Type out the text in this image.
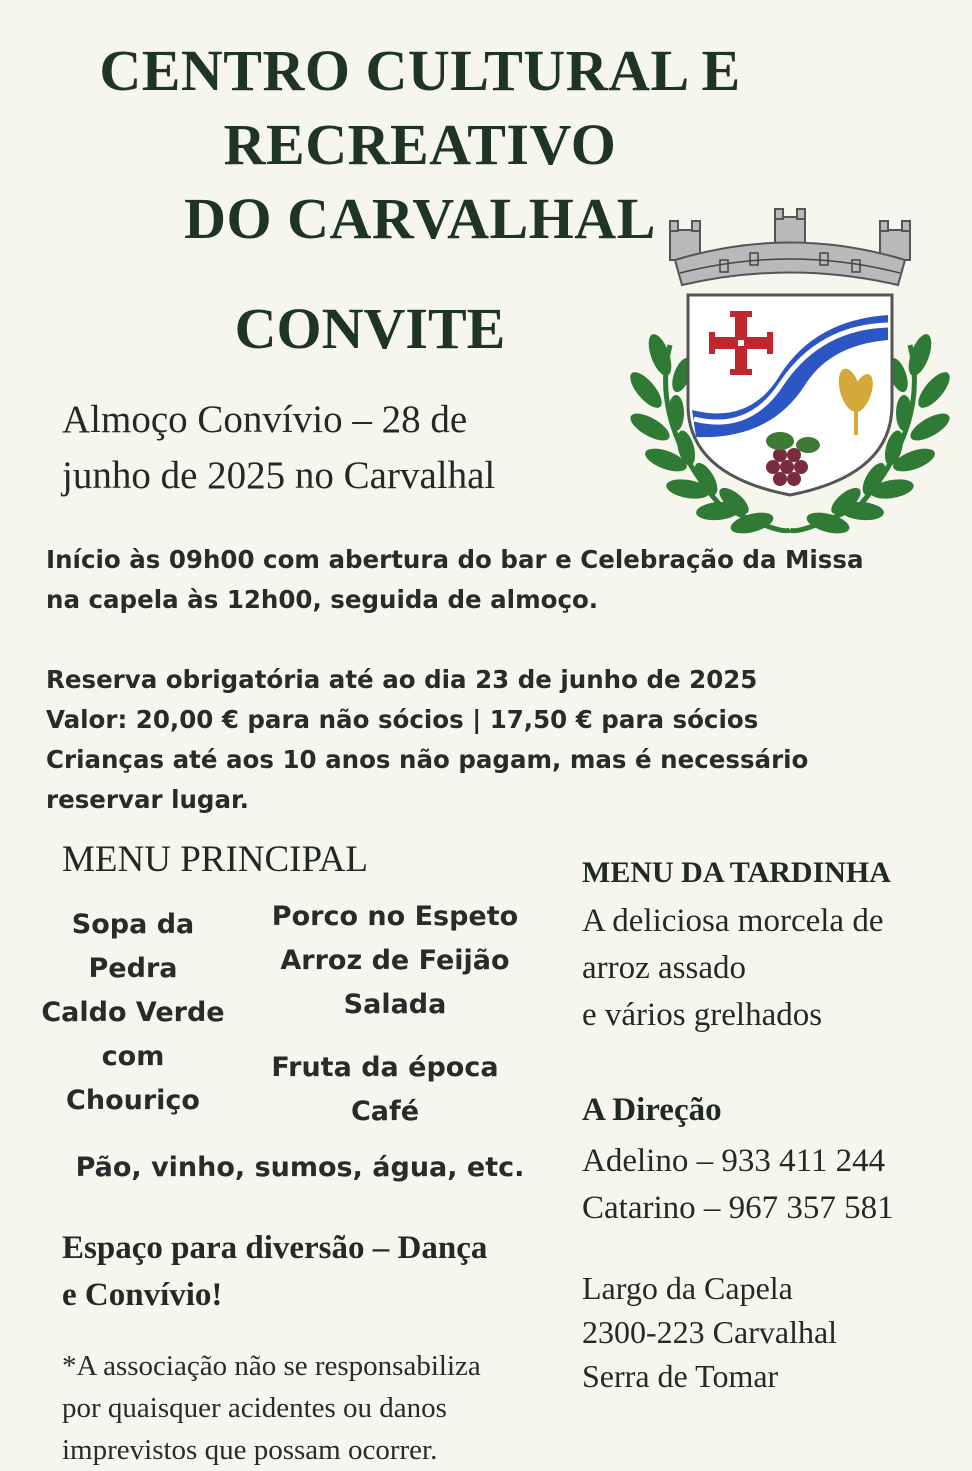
CENTRO CULTURAL E
RECREATIVO
DO CARVALHAL
CONVITE
Almoço Convívio – 28 de
junho de 2025 no Carvalhal
Início às 09h00 com abertura do bar e Celebração da Missa
na capela às 12h00, seguida de almoço.
Reserva obrigatória até ao dia 23 de junho de 2025
Valor: 20,00 € para não sócios | 17,50 € para sócios
Crianças até aos 10 anos não pagam, mas é necessário
reservar lugar.
MENU PRINCIPAL
Sopa da
Pedra
Caldo Verde
com
Chouriço
Porco no Espeto
Arroz de Feijão
Salada
Fruta da época
Café
Pão, vinho, sumos, água, etc.
Espaço para diversão – Dança
e Convívio!
*A associação não se responsabiliza
por quaisquer acidentes ou danos
imprevistos que possam ocorrer.
MENU DA TARDINHA
A deliciosa morcela de
arroz assado
e vários grelhados
A Direção
Adelino – 933 411 244
Catarino – 967 357 581
Largo da Capela
2300-223 Carvalhal
Serra de Tomar
